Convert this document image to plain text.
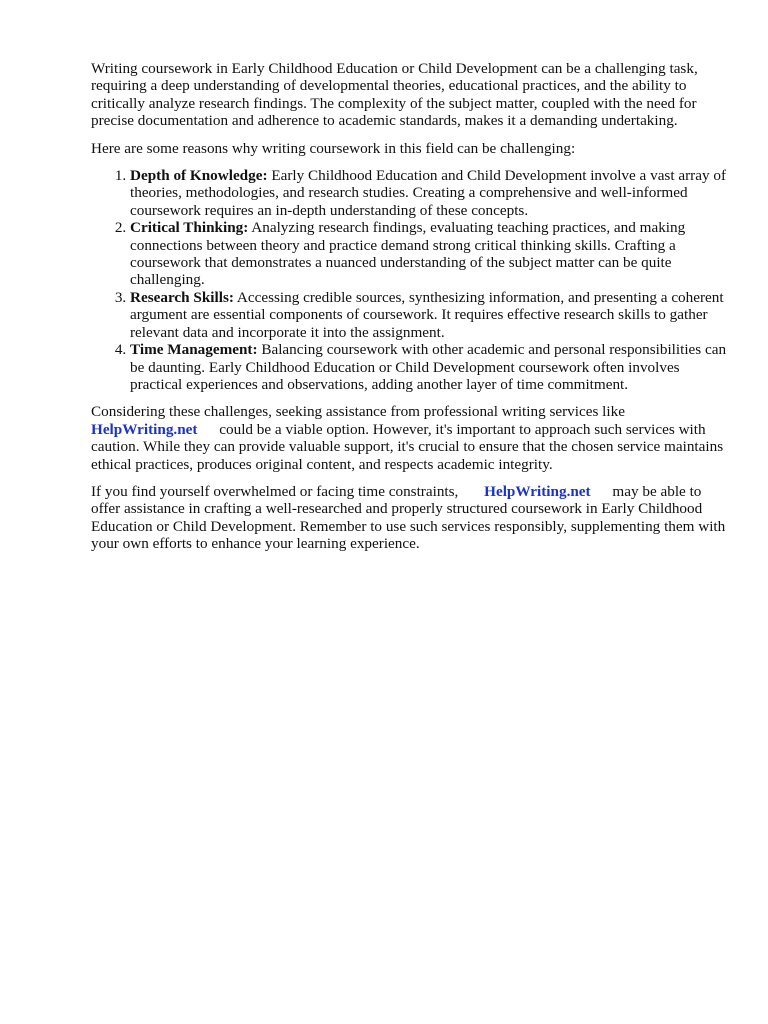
Writing coursework in Early Childhood Education or Child Development can be a challenging task, requiring a deep understanding of developmental theories, educational practices, and the ability to critically analyze research findings. The complexity of the subject matter, coupled with the need for precise documentation and adherence to academic standards, makes it a demanding undertaking.

Here are some reasons why writing coursework in this field can be challenging:

1. Depth of Knowledge: Early Childhood Education and Child Development involve a vast array of theories, methodologies, and research studies. Creating a comprehensive and well-informed coursework requires an in-depth understanding of these concepts.
2. Critical Thinking: Analyzing research findings, evaluating teaching practices, and making connections between theory and practice demand strong critical thinking skills. Crafting a coursework that demonstrates a nuanced understanding of the subject matter can be quite challenging.
3. Research Skills: Accessing credible sources, synthesizing information, and presenting a coherent argument are essential components of coursework. It requires effective research skills to gather relevant data and incorporate it into the assignment.
4. Time Management: Balancing coursework with other academic and personal responsibilities can be daunting. Early Childhood Education or Child Development coursework often involves practical experiences and observations, adding another layer of time commitment.

Considering these challenges, seeking assistance from professional writing services like
HelpWriting.net could be a viable option. However, it's important to approach such services with caution. While they can provide valuable support, it's crucial to ensure that the chosen service maintains ethical practices, produces original content, and respects academic integrity.

If you find yourself overwhelmed or facing time constraints, HelpWriting.net may be able to offer assistance in crafting a well-researched and properly structured coursework in Early Childhood Education or Child Development. Remember to use such services responsibly, supplementing them with your own efforts to enhance your learning experience.
